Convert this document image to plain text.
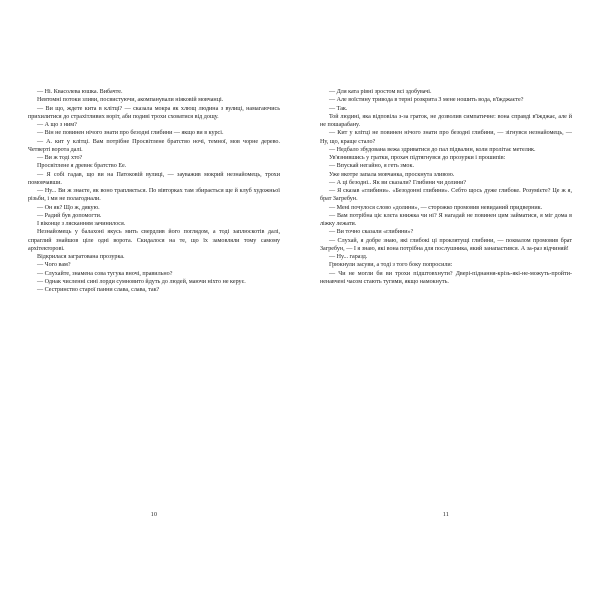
— Ні. Квасолева юшка. Вибачте.

Невтомні потоки зливи, посвистуючи, акомпанували ніяковій мовчанці.

— Ви що, ждете кита в клітці? — сказала мокра як хлющ людина з вулиці, намагаючись прихилитися до страхітливих воріт, аби подиві трохи сховатися від дощу.

— А що з ним?

— Він не повинен нічого знати про безодні глибини — якщо ви в курсі.

— А. кит у клітці. Вам потрібне Просвітлене братство ночі, темної, мов чорне дерево. Четверті ворота далі.

— Ви ж тоді хто?

Просвітлене я древнє братство Ее.

— Я собі гадав, що ви на Патоковій вулиці, — зауважив мокрий незнайомець, трохи помовчавши.

— Ну... Ви ж знаєте, як воно трапляється. По вівторках там збирається ще й клуб художньої різьби, і ми не полагоднали.

— Он як? Що ж, дякую.

— Радий був допомогти.

І віконце з лясканням зачинилося.

Незнайомець у балахоні якусь мить свердлив його поглядом, а тоді заплюскотів далі, спраглий знайшов ціле одні ворота. Скидалося на те, що їх замовляли тому самому архітекторові.

Відкрилася загратована прозурка.

— Чого вам?

— Слухайте, знамена сова тугука вночі, правильно?

— Однак численні сині лорди сумновито йдуть до людей, маючи ніхто не керує.

— Сестринство старої панни слава, слава, так?

10

— Для ката рівні зростом всі здобувачі.

— Але воїстину тривода в терні розкрита З мене ношить вода, в'їжджаєте?

— Так.

Той людині, яка відповіла з-за граток, не дозволив симпатичне: вона справді в'їжджає, але й не пошарабану.

— Кит у клітці не повинен нічого знати про безодні глибини, — зігнувся незнайомець, — Ну, що, краще стало?

— Недбало збудована вежа здриватися до пал підвалин, коли пролітає метелик.

Ув'язнившись у гратки, прохач підтягнувся до прозурки і прошипів:

— Впускай негайно, я геть змок.

Уже вкотре запала мовчанка, проскнута зливою.

— А ці безодні.. Як ви сказали? Глибини чи долини?

— Я сказав «глибини». «Безодонні глибини». Себто щось дуже глибоке. Розумієте? Це ж я, брат Загребун.

— Мені почулося слово «долини», — сторожко промовив невиданий придверник.

— Вам потрібна ціє клєта книжка чи ні? Я нагадай не повинен цим займатися, я міг дома в ліжку лежати.

— Ви точно сказали «глибини»?

— Слухай, я добре знаю, які глибокі ці проклятущі глибини, — поквалом промовив брат Загребун, — І я знаю, які вона потрібна для послушника, який занапастився. А за-раз відчиняй!

— Ну... гаразд.

Грюкнули засуви, а тоді з того боку попросили:

— Чи не могли би ви трохи підштовхнути? Двері-піднання-крізь-які-не-можуть-пройти-ненавчені часом стають тугими, якщо намокнуть.

11
